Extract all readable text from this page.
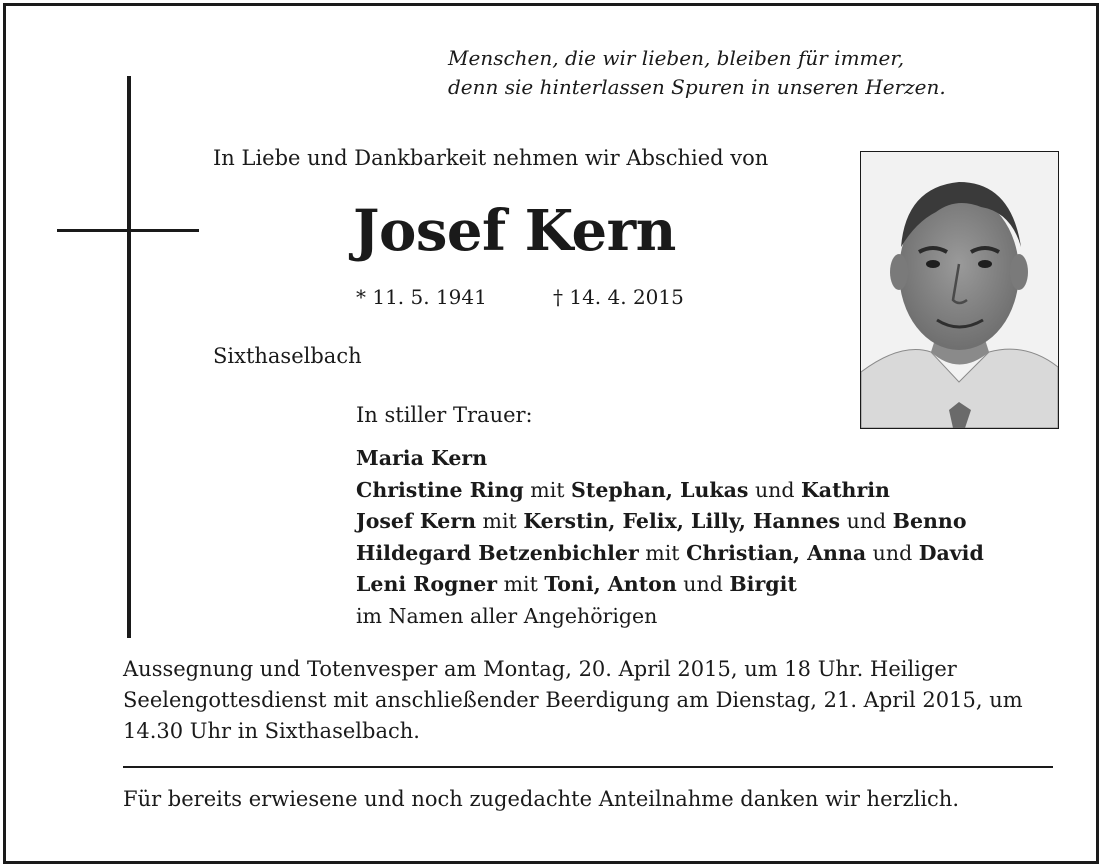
Menschen, die wir lieben, bleiben für immer,
denn sie hinterlassen Spuren in unseren Herzen.
In Liebe und Dankbarkeit nehmen wir Abschied von
Josef Kern
* 11. 5. 1941	† 14. 4. 2015
Sixthaselbach
In stiller Trauer:
Maria Kern
Christine Ring mit Stephan, Lukas und Kathrin
Josef Kern mit Kerstin, Felix, Lilly, Hannes und Benno
Hildegard Betzenbichler mit Christian, Anna und David
Leni Rogner mit Toni, Anton und Birgit
im Namen aller Angehörigen
Aussegnung und Totenvesper am Montag, 20. April 2015, um 18 Uhr. Heiliger Seelengottesdienst mit anschließender Beerdigung am Dienstag, 21. April 2015, um 14.30 Uhr in Sixthaselbach.
Für bereits erwiesene und noch zugedachte Anteilnahme danken wir herzlich.
